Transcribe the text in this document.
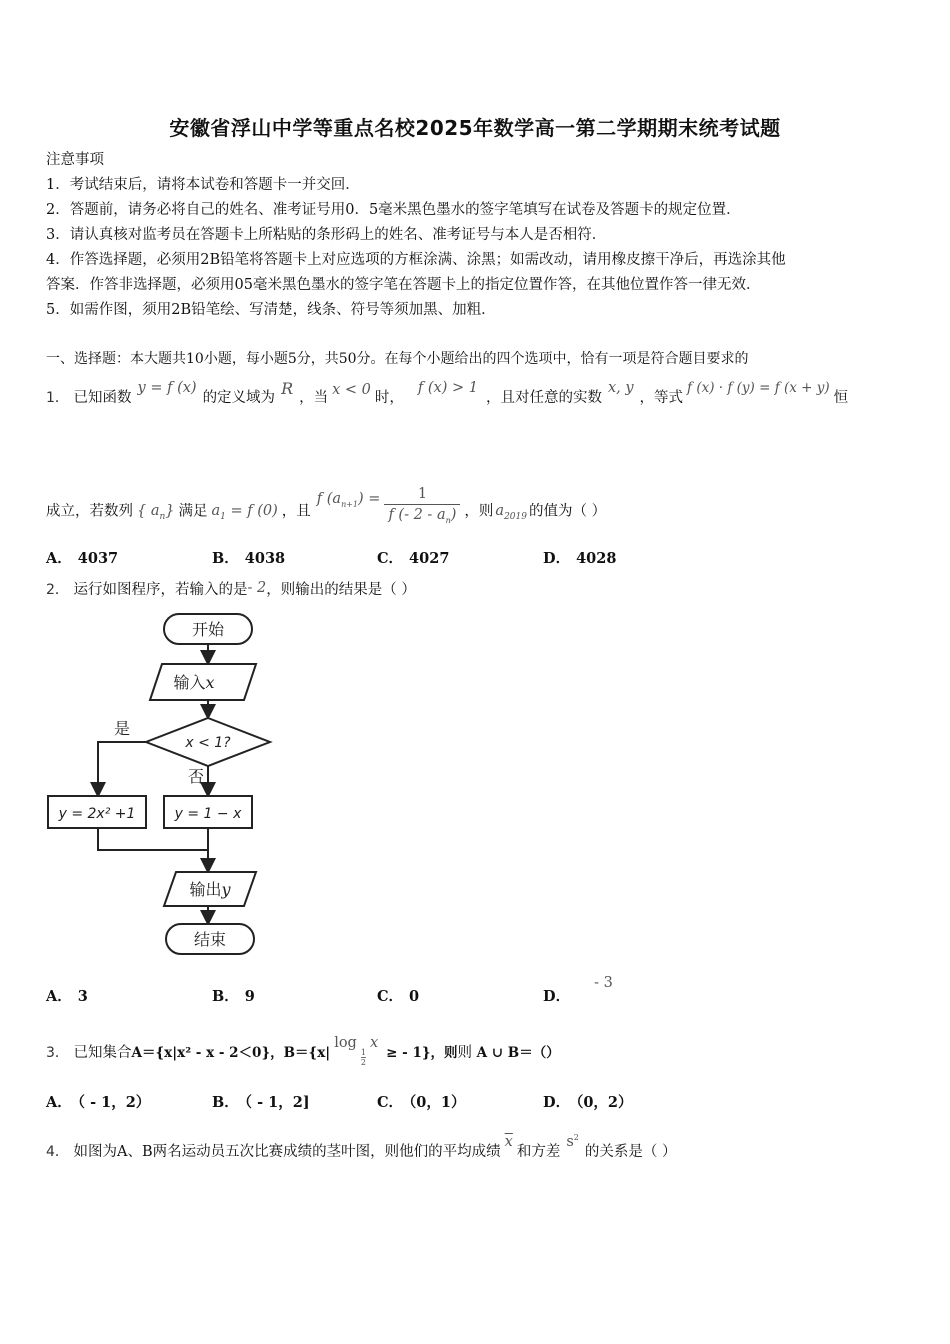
安徽省浮山中学等重点名校2025年数学高一第二学期期末统考试题
注意事项
1．考试结束后，请将本试卷和答题卡一并交回．
2．答题前，请务必将自己的姓名、准考证号用0．5毫米黑色墨水的签字笔填写在试卷及答题卡的规定位置．
3．请认真核对监考员在答题卡上所粘贴的条形码上的姓名、准考证号与本人是否相符．
4．作答选择题，必须用2B铅笔将答题卡上对应选项的方框涂满、涂黑；如需改动，请用橡皮擦干净后，再选涂其他
答案．作答非选择题，必须用05毫米黑色墨水的签字笔在答题卡上的指定位置作答，在其他位置作答一律无效．
5．如需作图，须用2B铅笔绘、写清楚，线条、符号等须加黑、加粗．
一、选择题：本大题共10小题，每小题5分，共50分。在每个小题给出的四个选项中，恰有一项是符合题目要求的
1． 已知函数y = f (x)的定义域为 R ，当 x < 0 时，f (x) > 1，且对任意的实数x, y，等式f (x) · f (y) = f (x + y)恒
成立，若数列 { $a_n$} 满足 $a_1 = f$ (0) ，且f $(a_{n+1}) = \frac{1}{f (- 2 - a_n)}$ ，则 $a_{2019}$ 的值为（ ）
A． 4037	B． 4038	C． 4027	D． 4028
2． 运行如图程序，若输入的是- 2，则输出的结果是（ ）
开始
输入x
x < 1?
是
否
y = 2x² +1	y = 1 − x
输出y
结束
A． 3	B． 9	C． 0	D．- 3
3． 已知集合A＝{x|x² - x - 2＜0}，B＝{x|log
$\frac{1}{2}$
x≥ - 1}，则则 A ∪ B＝（）
A． （ - 1，2）	B． （ - 1，2]	C． （0，1）	D． （0，2）
4． 如图为A、B两名运动员五次比赛成绩的茎叶图，则他们的平均成绩$\overline{x}$和方差$s^2$的关系是（ ）
